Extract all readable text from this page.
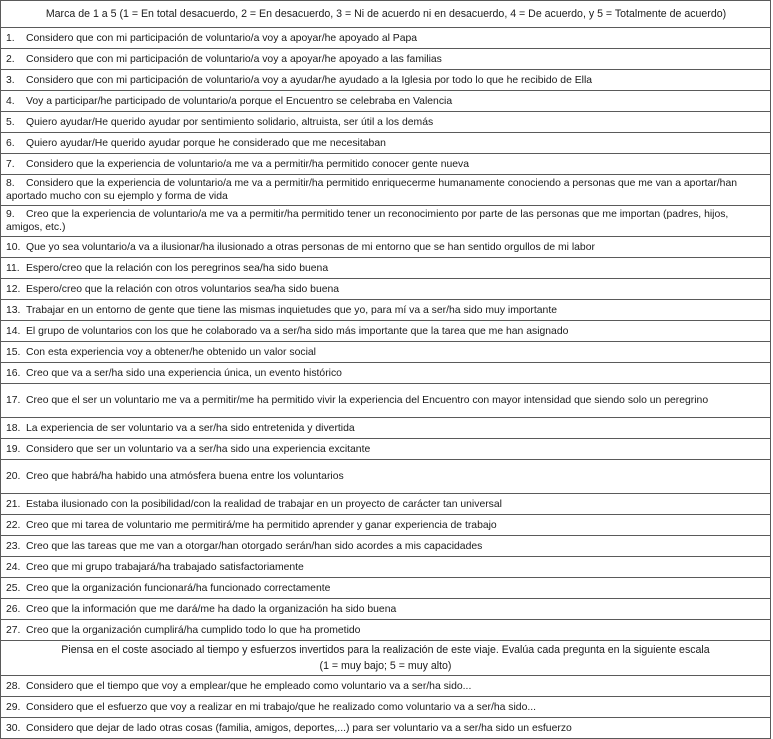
Marca de 1 a 5 (1 = En total desacuerdo, 2 = En desacuerdo, 3 = Ni de acuerdo ni en desacuerdo, 4 = De acuerdo, y 5 = Totalmente de acuerdo)
1. Considero que con mi participación de voluntario/a voy a apoyar/he apoyado al Papa
2. Considero que con mi participación de voluntario/a voy a apoyar/he apoyado a las familias
3. Considero que con mi participación de voluntario/a voy a ayudar/he ayudado a la Iglesia por todo lo que he recibido de Ella
4. Voy a participar/he participado de voluntario/a porque el Encuentro se celebraba en Valencia
5. Quiero ayudar/He querido ayudar por sentimiento solidario, altruista, ser útil a los demás
6. Quiero ayudar/He querido ayudar porque he considerado que me necesitaban
7. Considero que la experiencia de voluntario/a me va a permitir/ha permitido conocer gente nueva
8. Considero que la experiencia de voluntario/a me va a permitir/ha permitido enriquecerme humanamente conociendo a personas que me van a aportar/han aportado mucho con su ejemplo y forma de vida
9. Creo que la experiencia de voluntario/a me va a permitir/ha permitido tener un reconocimiento por parte de las personas que me importan (padres, hijos, amigos, etc.)
10. Que yo sea voluntario/a va a ilusionar/ha ilusionado a otras personas de mi entorno que se han sentido orgullos de mi labor
11. Espero/creo que la relación con los peregrinos sea/ha sido buena
12. Espero/creo que la relación con otros voluntarios sea/ha sido buena
13. Trabajar en un entorno de gente que tiene las mismas inquietudes que yo, para mí va a ser/ha sido muy importante
14. El grupo de voluntarios con los que he colaborado va a ser/ha sido más importante que la tarea que me han asignado
15. Con esta experiencia voy a obtener/he obtenido un valor social
16. Creo que va a ser/ha sido una experiencia única, un evento histórico
17. Creo que el ser un voluntario me va a permitir/me ha permitido vivir la experiencia del Encuentro con mayor intensidad que siendo solo un peregrino
18. La experiencia de ser voluntario va a ser/ha sido entretenida y divertida
19. Considero que ser un voluntario va a ser/ha sido una experiencia excitante
20. Creo que habrá/ha habido una atmósfera buena entre los voluntarios
21. Estaba ilusionado con la posibilidad/con la realidad de trabajar en un proyecto de carácter tan universal
22. Creo que mi tarea de voluntario me permitirá/me ha permitido aprender y ganar experiencia de trabajo
23. Creo que las tareas que me van a otorgar/han otorgado serán/han sido acordes a mis capacidades
24. Creo que mi grupo trabajará/ha trabajado satisfactoriamente
25. Creo que la organización funcionará/ha funcionado correctamente
26. Creo que la información que me dará/me ha dado la organización ha sido buena
27. Creo que la organización cumplirá/ha cumplido todo lo que ha prometido

Piensa en el coste asociado al tiempo y esfuerzos invertidos para la realización de este viaje. Evalúa cada pregunta en la siguiente escala
(1 = muy bajo; 5 = muy alto)

28. Considero que el tiempo que voy a emplear/que he empleado como voluntario va a ser/ha sido...
29. Considero que el esfuerzo que voy a realizar en mi trabajo/que he realizado como voluntario va a ser/ha sido...
30. Considero que dejar de lado otras cosas (familia, amigos, deportes,...) para ser voluntario va a ser/ha sido un esfuerzo
